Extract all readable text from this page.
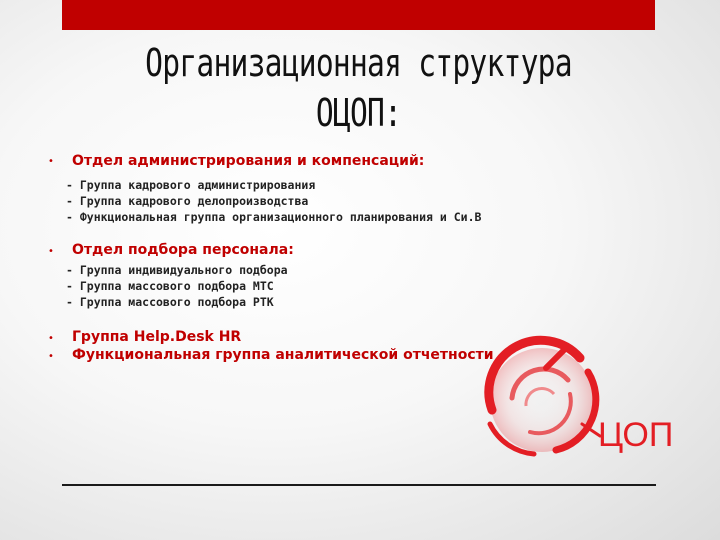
Организационная структура
ОЦОП:
• Отдел администрирования и компенсаций:
- Группа кадрового администрирования
- Группа кадрового делопроизводства
- Функциональная группа организационного планирования и Си.В
• Отдел подбора персонала:
- Группа индивидуального подбора
- Группа массового подбора МТС
- Группа массового подбора РТК
• Группа Help.Desk HR
• Функциональная группа аналитической отчетности
ЦОП
